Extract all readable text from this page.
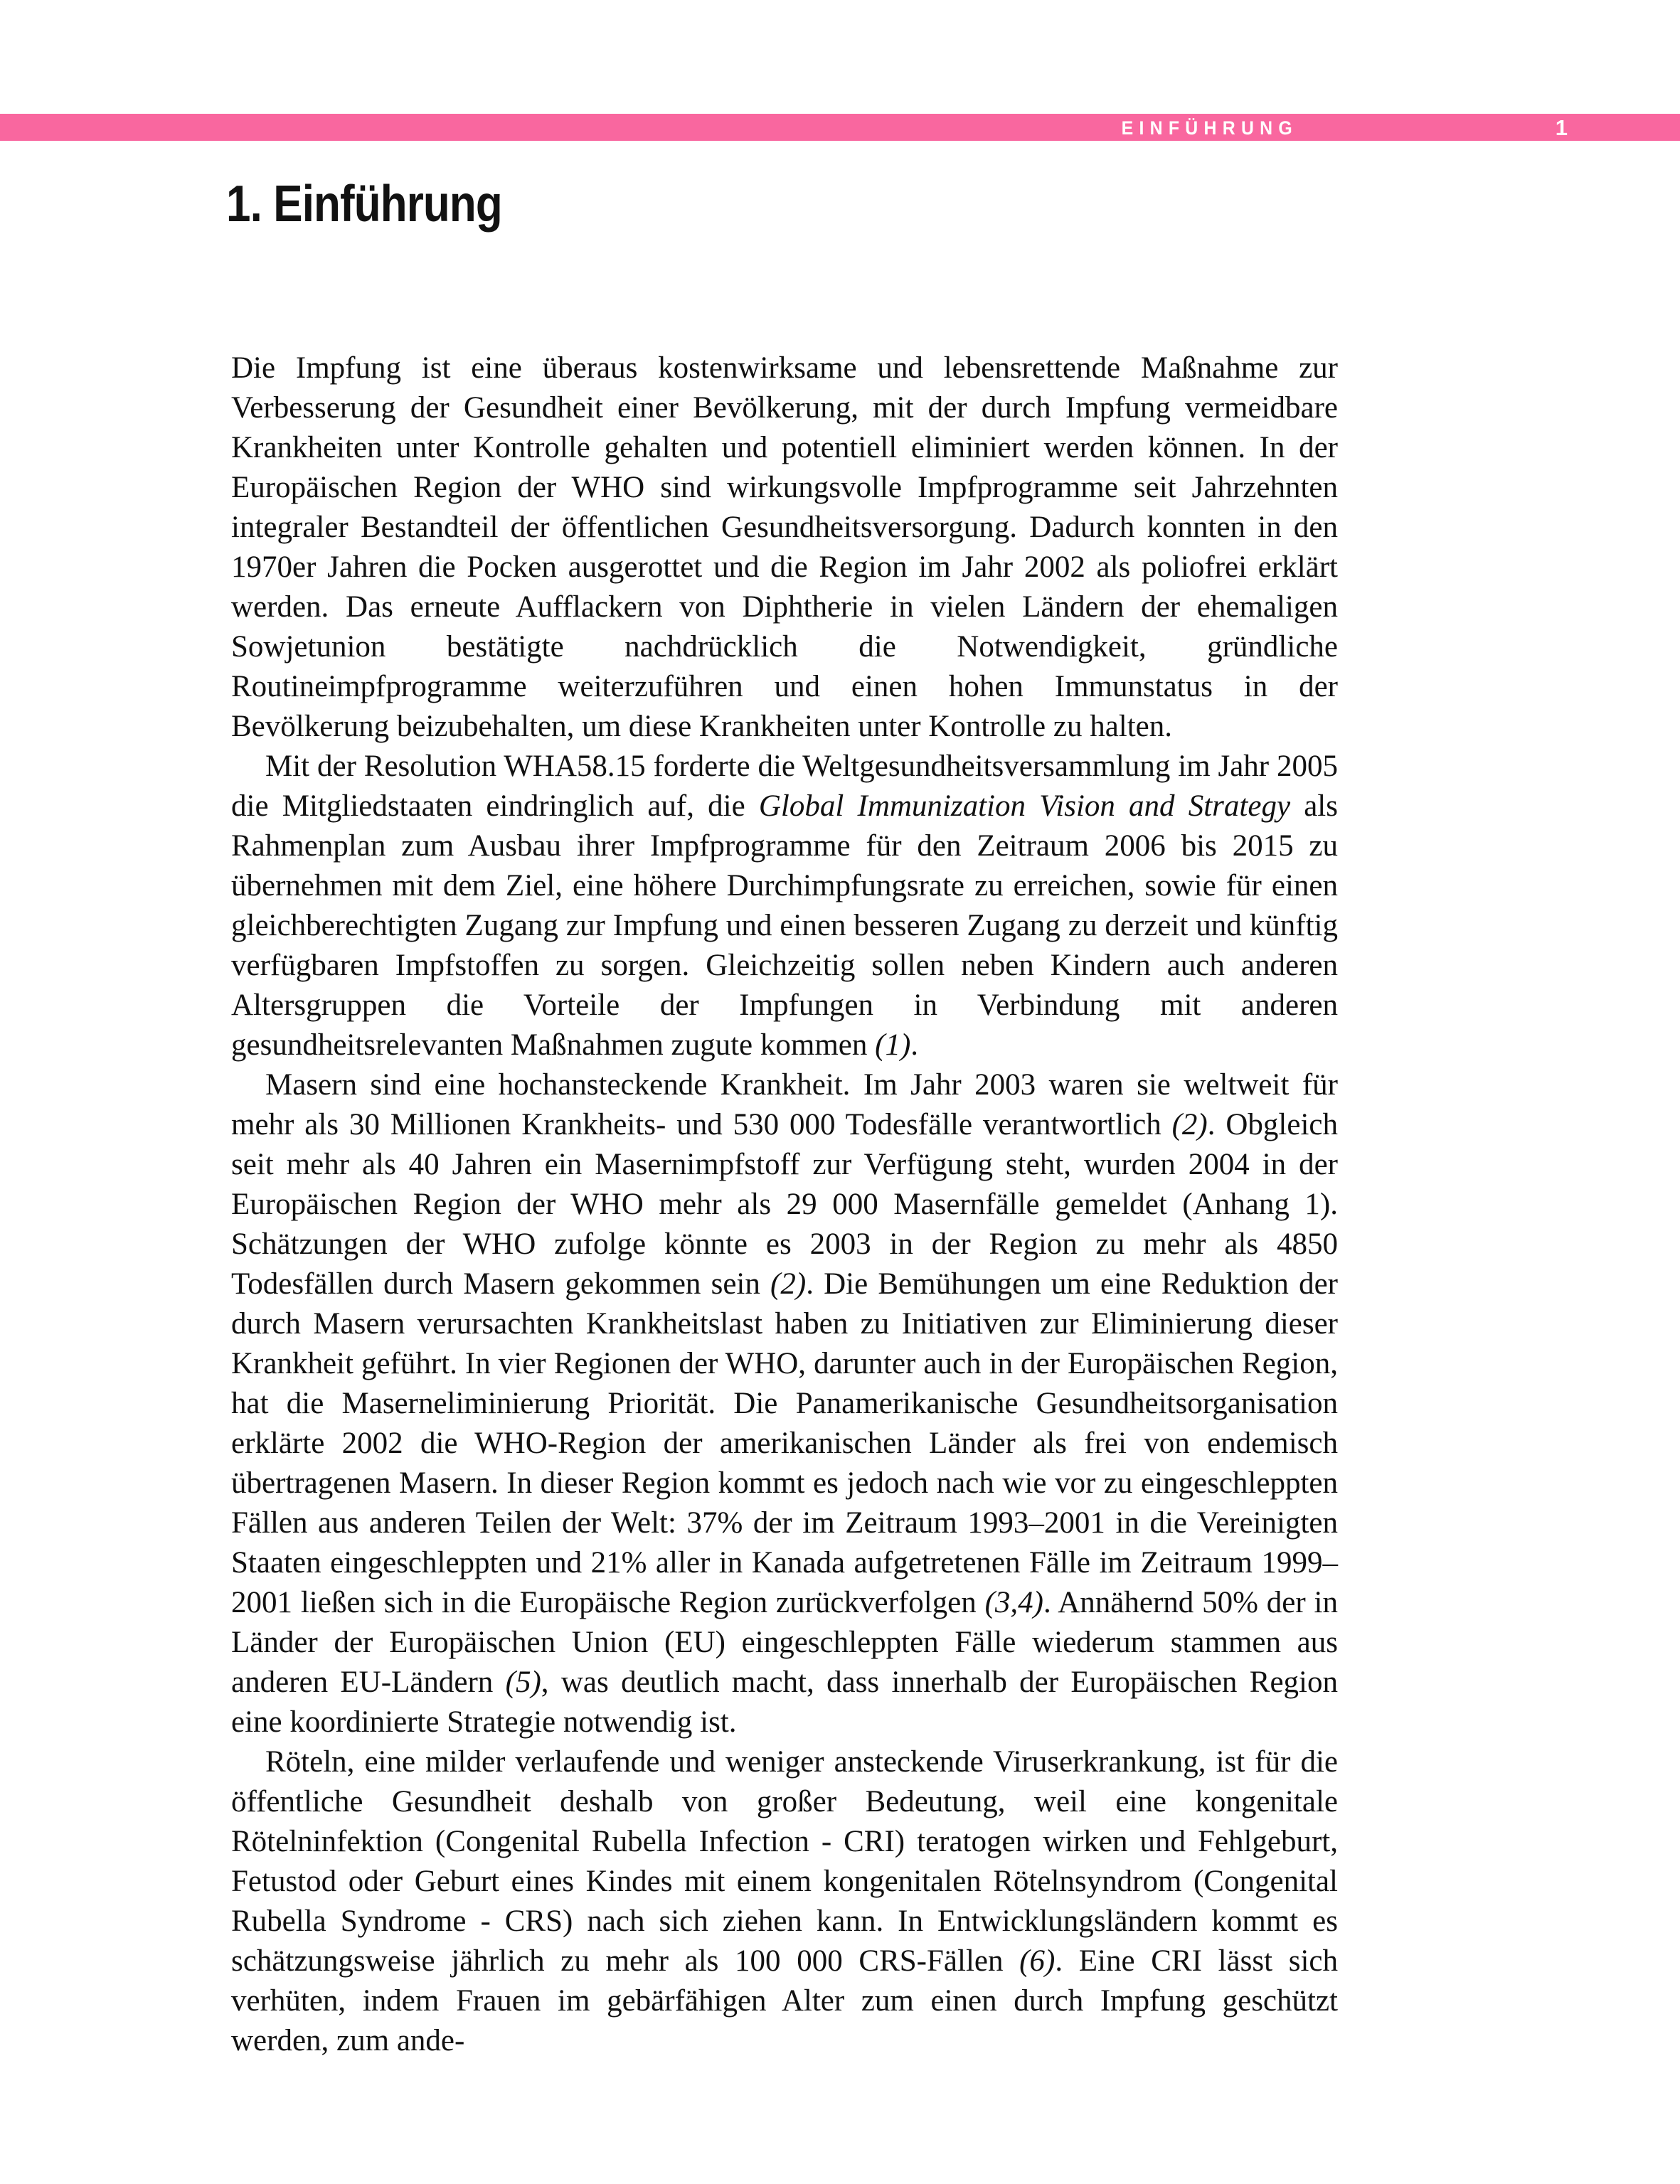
EINFÜHRUNG	1
1. Einführung

Die Impfung ist eine überaus kostenwirksame und lebensrettende Maßnahme zur Verbesserung der Gesundheit einer Bevölkerung, mit der durch Impfung vermeidbare Krankheiten unter Kontrolle gehalten und potentiell eliminiert werden können. In der Europäischen Region der WHO sind wirkungsvolle Impfprogramme seit Jahrzehnten integraler Bestandteil der öffentlichen Gesundheitsversorgung. Dadurch konnten in den 1970er Jahren die Pocken ausgerottet und die Region im Jahr 2002 als poliofrei erklärt werden. Das erneute Aufflackern von Diphtherie in vielen Ländern der ehemaligen Sowjetunion bestätigte nachdrücklich die Notwendigkeit, gründliche Routineimpfprogramme weiterzuführen und einen hohen Immunstatus in der Bevölkerung beizubehalten, um diese Krankheiten unter Kontrolle zu halten.

Mit der Resolution WHA58.15 forderte die Weltgesundheitsversammlung im Jahr 2005 die Mitgliedstaaten eindringlich auf, die Global Immunization Vision and Strategy als Rahmenplan zum Ausbau ihrer Impfprogramme für den Zeitraum 2006 bis 2015 zu übernehmen mit dem Ziel, eine höhere Durchimpfungsrate zu erreichen, sowie für einen gleichberechtigten Zugang zur Impfung und einen besseren Zugang zu derzeit und künftig verfügbaren Impfstoffen zu sorgen. Gleichzeitig sollen neben Kindern auch anderen Altersgruppen die Vorteile der Impfungen in Verbindung mit anderen gesundheitsrelevanten Maßnahmen zugute kommen (1).

Masern sind eine hochansteckende Krankheit. Im Jahr 2003 waren sie weltweit für mehr als 30 Millionen Krankheits- und 530 000 Todesfälle verantwortlich (2). Obgleich seit mehr als 40 Jahren ein Masernimpfstoff zur Verfügung steht, wurden 2004 in der Europäischen Region der WHO mehr als 29 000 Masernfälle gemeldet (Anhang 1). Schätzungen der WHO zufolge könnte es 2003 in der Region zu mehr als 4850 Todesfällen durch Masern gekommen sein (2). Die Bemühungen um eine Reduktion der durch Masern verursachten Krankheitslast haben zu Initiativen zur Eliminierung dieser Krankheit geführt. In vier Regionen der WHO, darunter auch in der Europäischen Region, hat die Maserneliminierung Priorität. Die Panamerikanische Gesundheitsorganisation erklärte 2002 die WHO-Region der amerikanischen Länder als frei von endemisch übertragenen Masern. In dieser Region kommt es jedoch nach wie vor zu eingeschleppten Fällen aus anderen Teilen der Welt: 37% der im Zeitraum 1993–2001 in die Vereinigten Staaten eingeschleppten und 21% aller in Kanada aufgetretenen Fälle im Zeitraum 1999–2001 ließen sich in die Europäische Region zurückverfolgen (3,4). Annähernd 50% der in Länder der Europäischen Union (EU) eingeschleppten Fälle wiederum stammen aus anderen EU-Ländern (5), was deutlich macht, dass innerhalb der Europäischen Region eine koordinierte Strategie notwendig ist.

Röteln, eine milder verlaufende und weniger ansteckende Viruserkrankung, ist für die öffentliche Gesundheit deshalb von großer Bedeutung, weil eine kongenitale Rötelninfektion (Congenital Rubella Infection - CRI) teratogen wirken und Fehlgeburt, Fetustod oder Geburt eines Kindes mit einem kongenitalen Rötelnsyndrom (Congenital Rubella Syndrome - CRS) nach sich ziehen kann. In Entwicklungsländern kommt es schätzungsweise jährlich zu mehr als 100 000 CRS-Fällen (6). Eine CRI lässt sich verhüten, indem Frauen im gebärfähigen Alter zum einen durch Impfung geschützt werden, zum ande-
